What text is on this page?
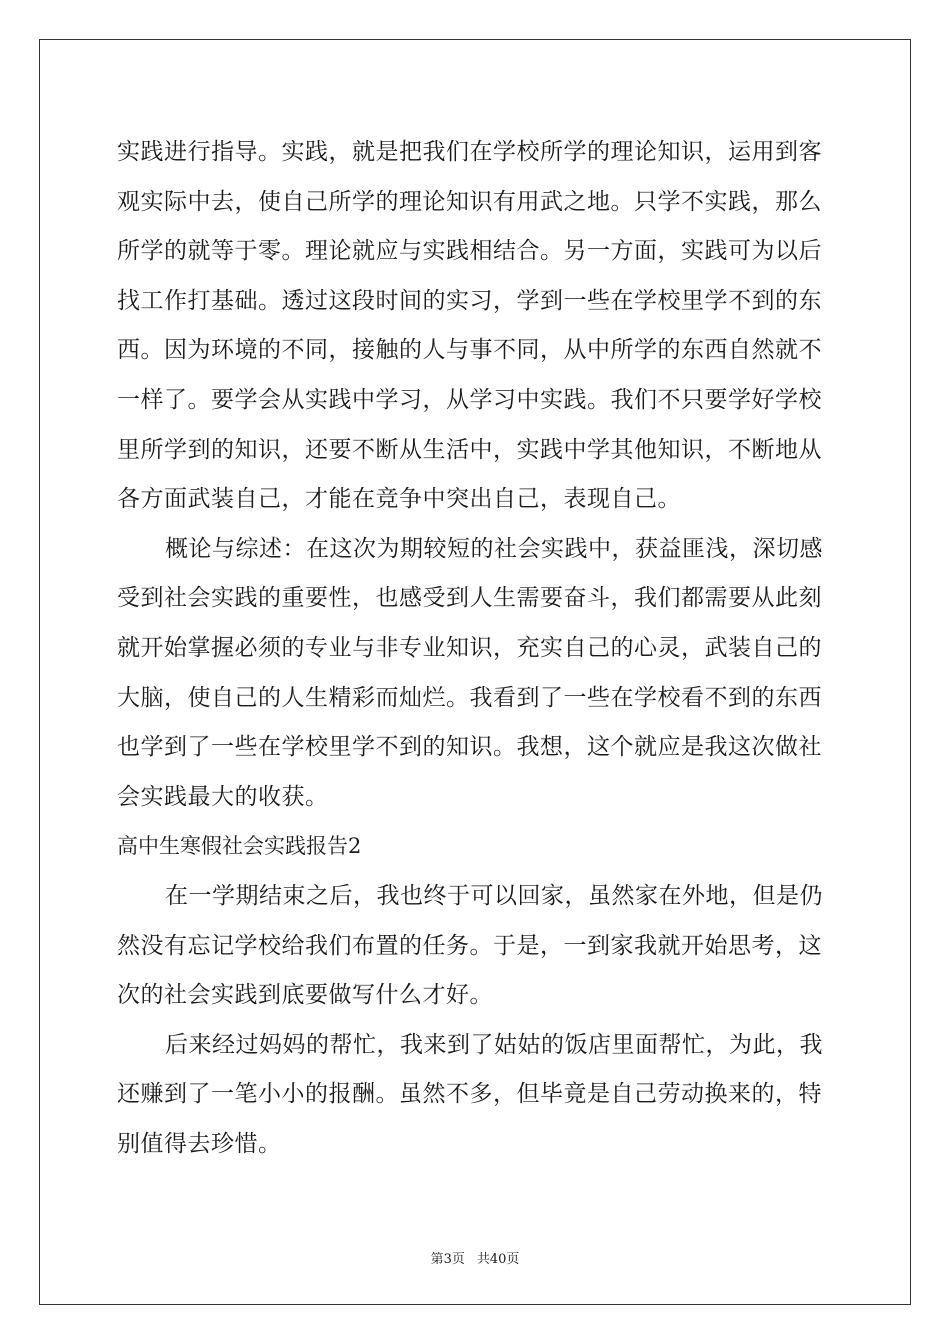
实践进行指导。实践，就是把我们在学校所学的理论知识，运用到客
观实际中去，使自己所学的理论知识有用武之地。只学不实践，那么
所学的就等于零。理论就应与实践相结合。另一方面，实践可为以后
找工作打基础。透过这段时间的实习，学到一些在学校里学不到的东
西。因为环境的不同，接触的人与事不同，从中所学的东西自然就不
一样了。要学会从实践中学习，从学习中实践。我们不只要学好学校
里所学到的知识，还要不断从生活中，实践中学其他知识，不断地从
各方面武装自己，才能在竞争中突出自己，表现自己。
概论与综述：在这次为期较短的社会实践中，获益匪浅，深切感
受到社会实践的重要性，也感受到人生需要奋斗，我们都需要从此刻
就开始掌握必须的专业与非专业知识，充实自己的心灵，武装自己的
大脑，使自己的人生精彩而灿烂。我看到了一些在学校看不到的东西
也学到了一些在学校里学不到的知识。我想，这个就应是我这次做社
会实践最大的收获。
高中生寒假社会实践报告2
在一学期结束之后，我也终于可以回家，虽然家在外地，但是仍
然没有忘记学校给我们布置的任务。于是，一到家我就开始思考，这
次的社会实践到底要做写什么才好。
后来经过妈妈的帮忙，我来到了姑姑的饭店里面帮忙，为此，我
还赚到了一笔小小的报酬。虽然不多，但毕竟是自己劳动换来的，特
别值得去珍惜。
第3页 共40页
